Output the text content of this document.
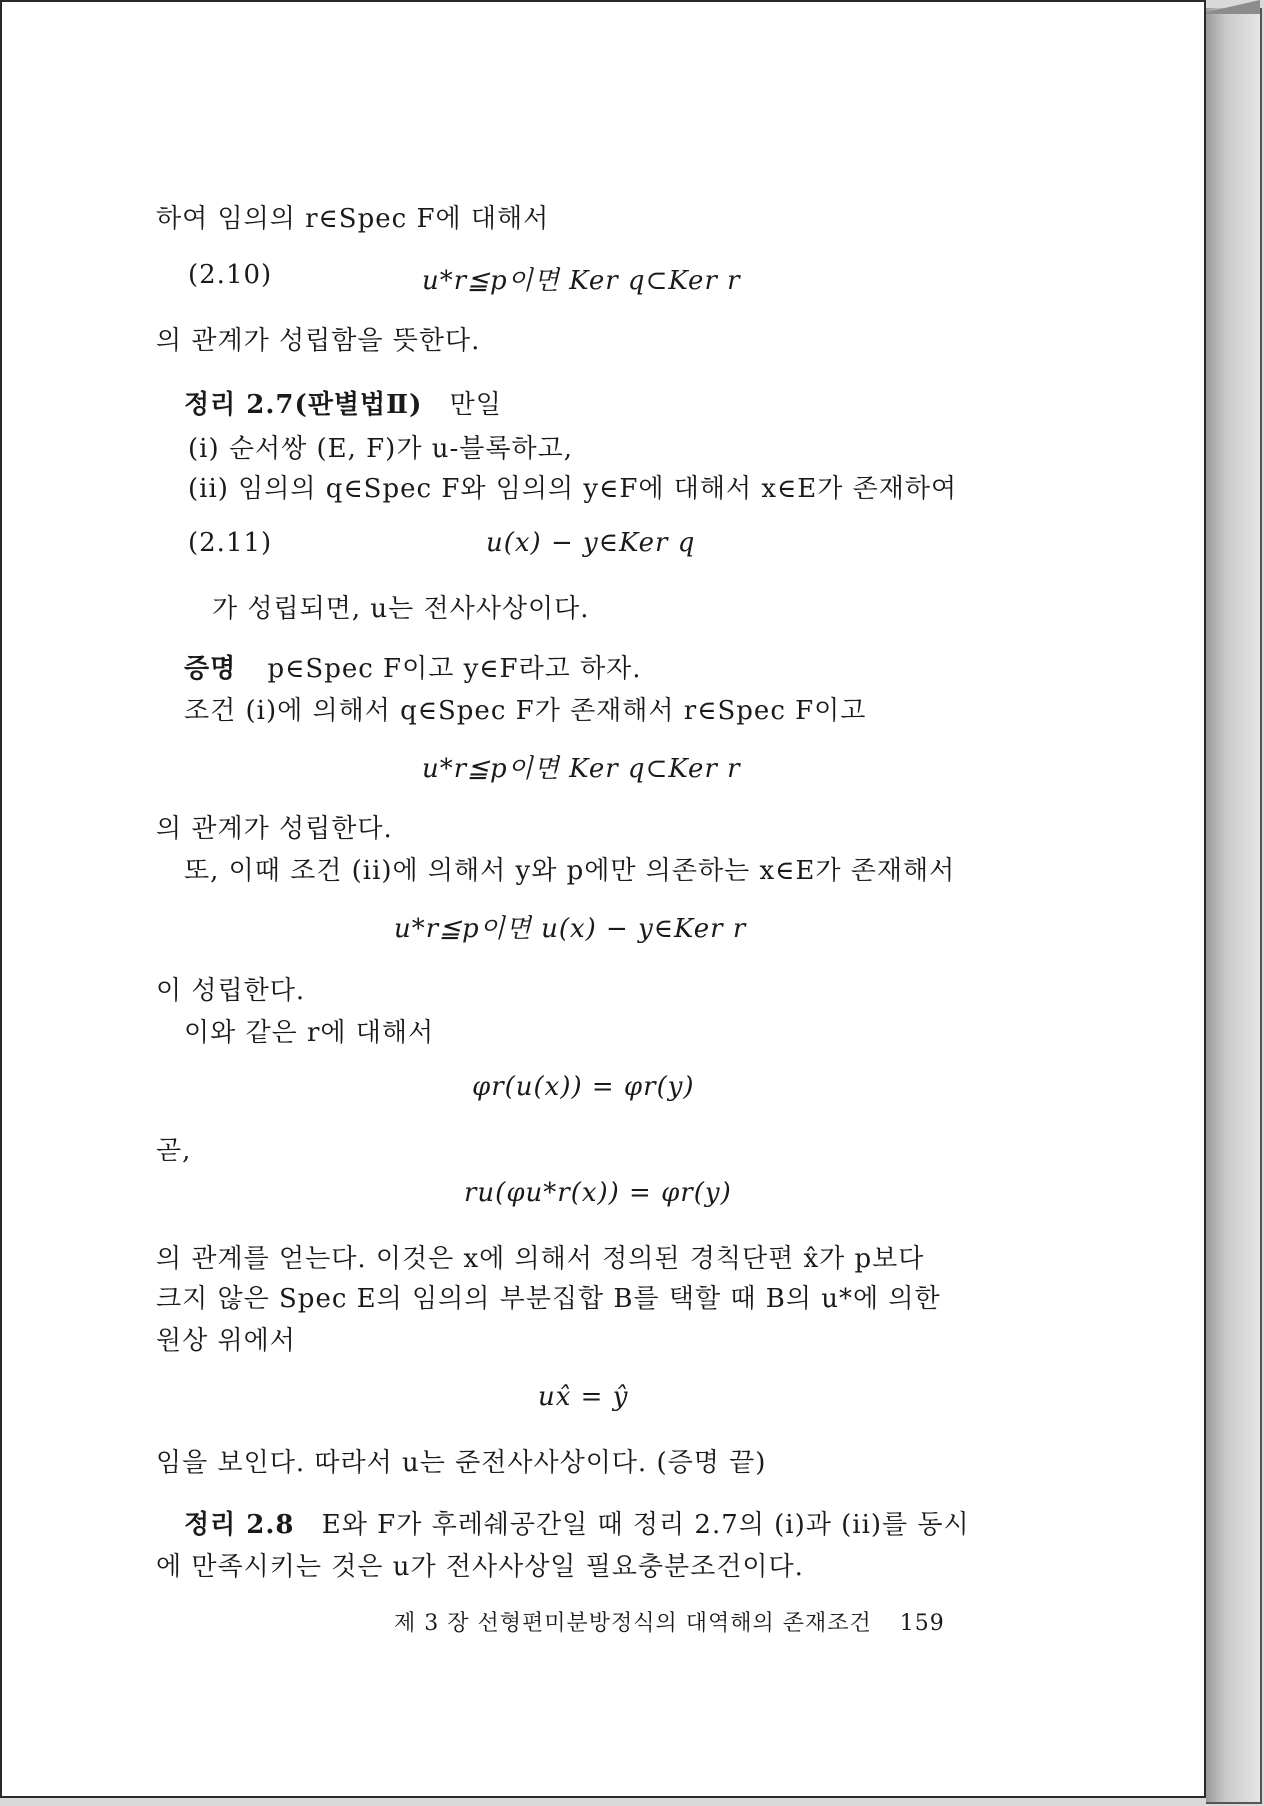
하여 임의의 r∈Spec F에 대해서
(2.10)	u*r≦p이면 Ker q⊂Ker r
의 관계가 성립함을 뜻한다.
정리 2.7(판별법Ⅱ) 만일
(i) 순서쌍 (E, F)가 u-블록하고,
(ii) 임의의 q∈Spec F와 임의의 y∈F에 대해서 x∈E가 존재하여
(2.11)	u(x) − y∈Ker q
가 성립되면, u는 전사사상이다.
증명 p∈Spec F이고 y∈F라고 하자.
조건 (i)에 의해서 q∈Spec F가 존재해서 r∈Spec F이고
u*r≦p이면 Ker q⊂Ker r
의 관계가 성립한다.
또, 이때 조건 (ii)에 의해서 y와 p에만 의존하는 x∈E가 존재해서
u*r≦p이면 u(x) − y∈Ker r
이 성립한다.
이와 같은 r에 대해서
φr(u(x)) = φr(y)
곧,
ru(φu*r(x)) = φr(y)
의 관계를 얻는다. 이것은 x에 의해서 정의된 경칙단편 x̂가 p보다
크지 않은 Spec E의 임의의 부분집합 B를 택할 때 B의 u*에 의한
원상 위에서
ux̂ = ŷ
임을 보인다. 따라서 u는 준전사사상이다. (증명 끝)
정리 2.8 E와 F가 후레쉐공간일 때 정리 2.7의 (i)과 (ii)를 동시
에 만족시키는 것은 u가 전사사상일 필요충분조건이다.
제 3 장 선형편미분방정식의 대역해의 존재조건 159
